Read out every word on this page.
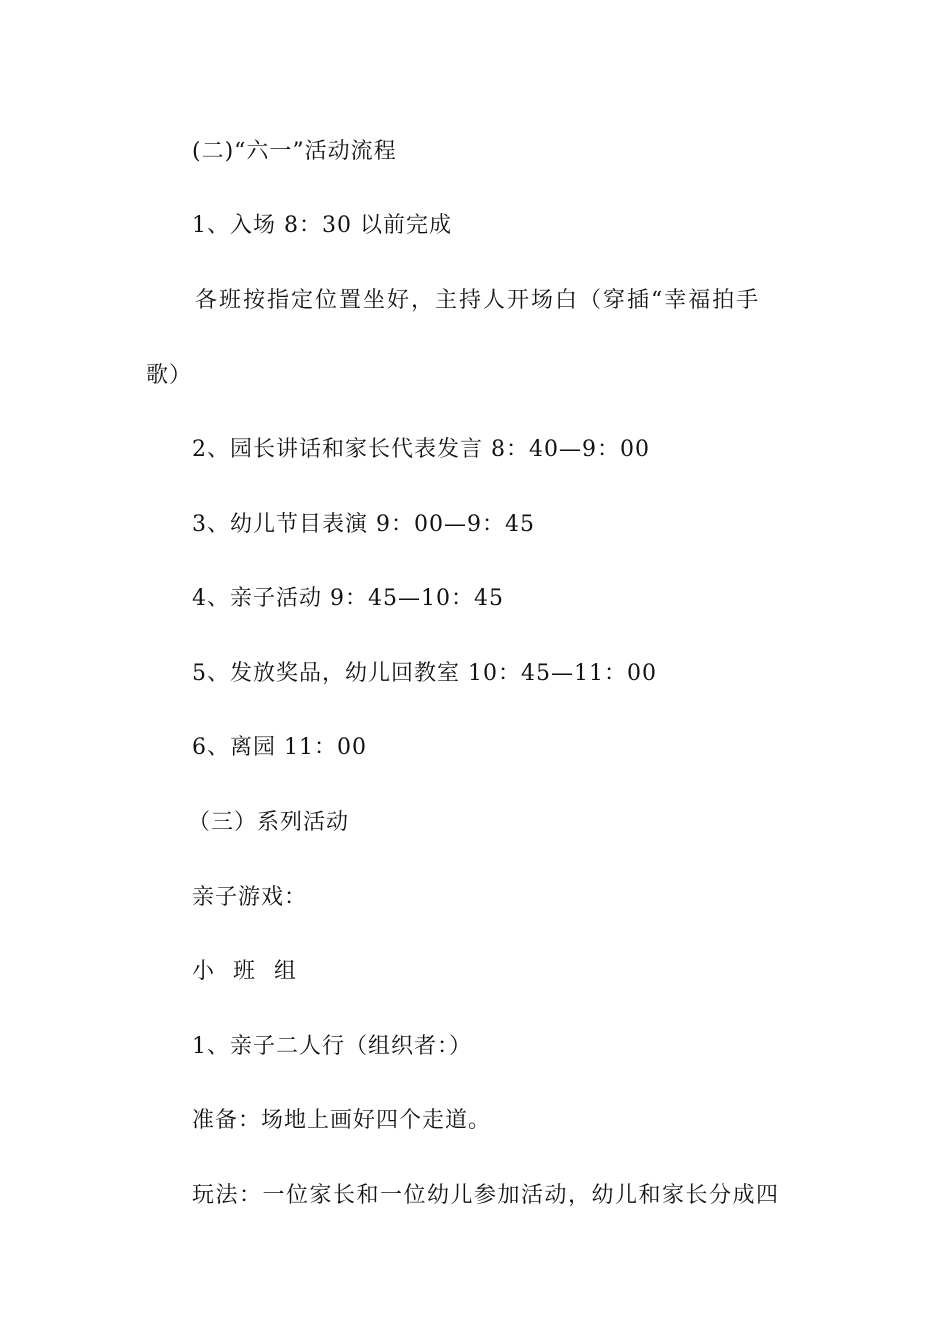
(二)“六一”活动流程
1、入场 8：30 以前完成
各班按指定位置坐好，主持人开场白（穿插“幸福拍手
歌）
2、园长讲话和家长代表发言 8：40—9：00
3、幼儿节目表演 9：00—9：45
4、亲子活动 9：45—10：45
5、发放奖品，幼儿回教室 10：45—11：00
6、离园 11：00
（三）系列活动
亲子游戏：
小 班 组
1、亲子二人行（组织者：）
准备：场地上画好四个走道。
玩法：一位家长和一位幼儿参加活动，幼儿和家长分成四
